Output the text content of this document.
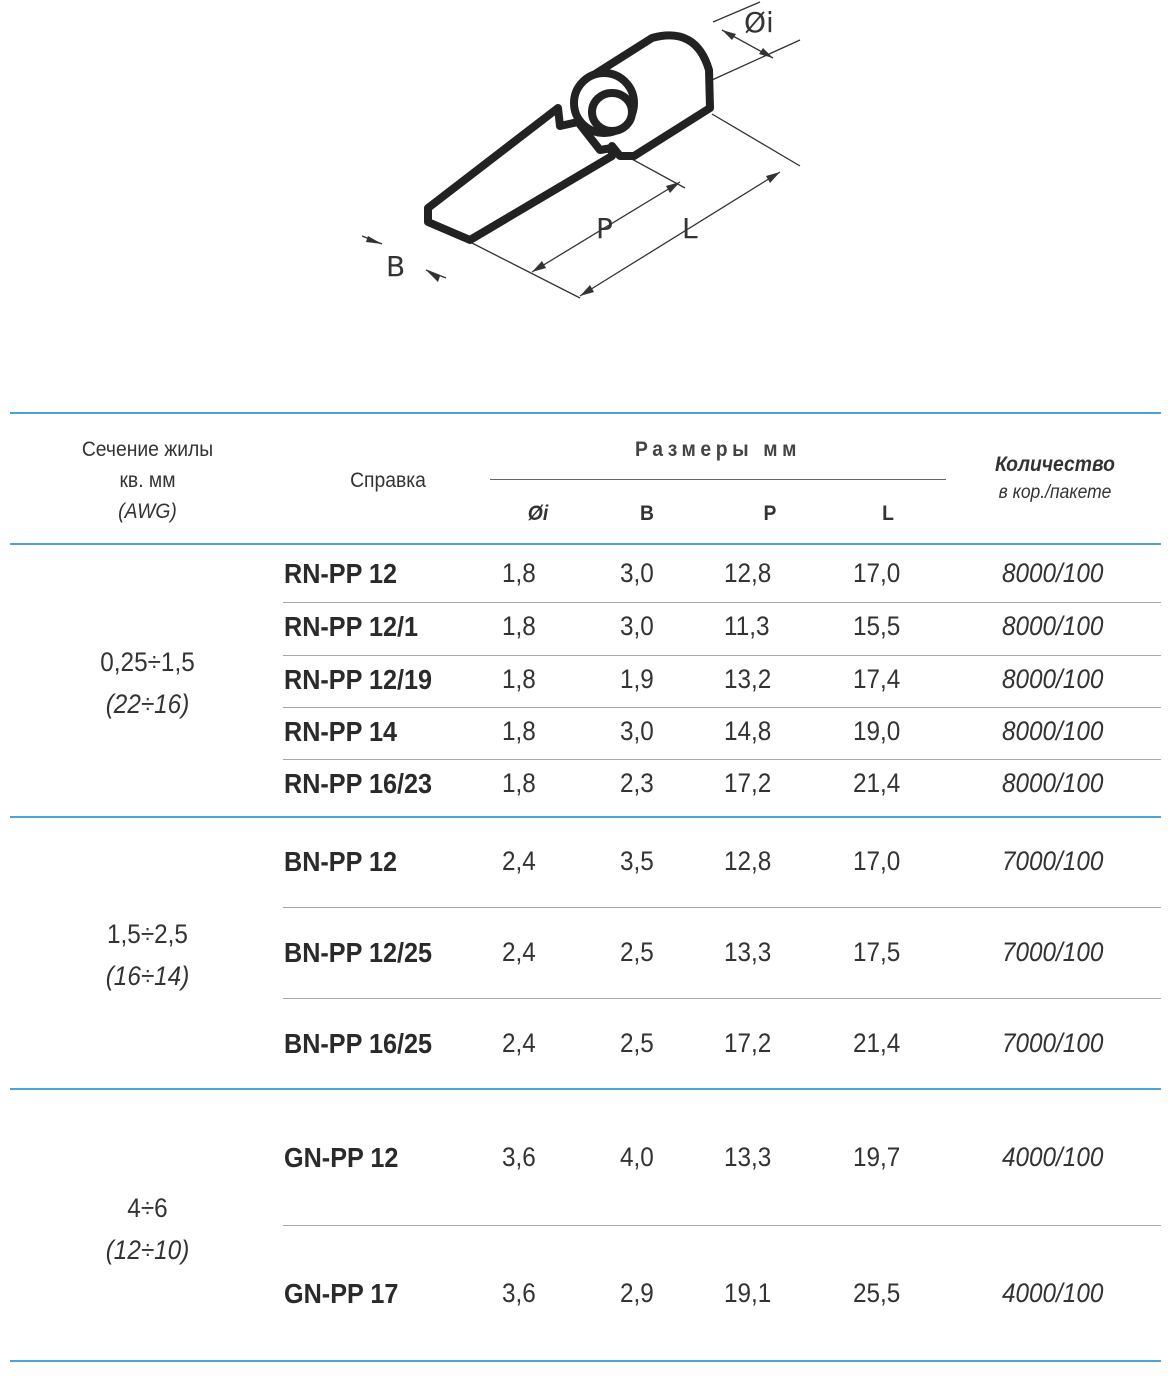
Øi
B
P L
Сечение жилы
кв. мм
(AWG)
Справка
Размеры мм
Øi	B	P	L
Количество
в кор./пакете
0,25÷1,5
(22÷16)
RN-PP 12	1,8	3,0	12,8	17,0	8000/100
RN-PP 12/1	1,8	3,0	11,3	15,5	8000/100
RN-PP 12/19	1,8	1,9	13,2	17,4	8000/100
RN-PP 14	1,8	3,0	14,8	19,0	8000/100
RN-PP 16/23	1,8	2,3	17,2	21,4	8000/100
1,5÷2,5
(16÷14)
BN-PP 12	2,4	3,5	12,8	17,0	7000/100
BN-PP 12/25	2,4	2,5	13,3	17,5	7000/100
BN-PP 16/25	2,4	2,5	17,2	21,4	7000/100
4÷6
(12÷10)
GN-PP 12	3,6	4,0	13,3	19,7	4000/100
GN-PP 17	3,6	2,9	19,1	25,5	4000/100
